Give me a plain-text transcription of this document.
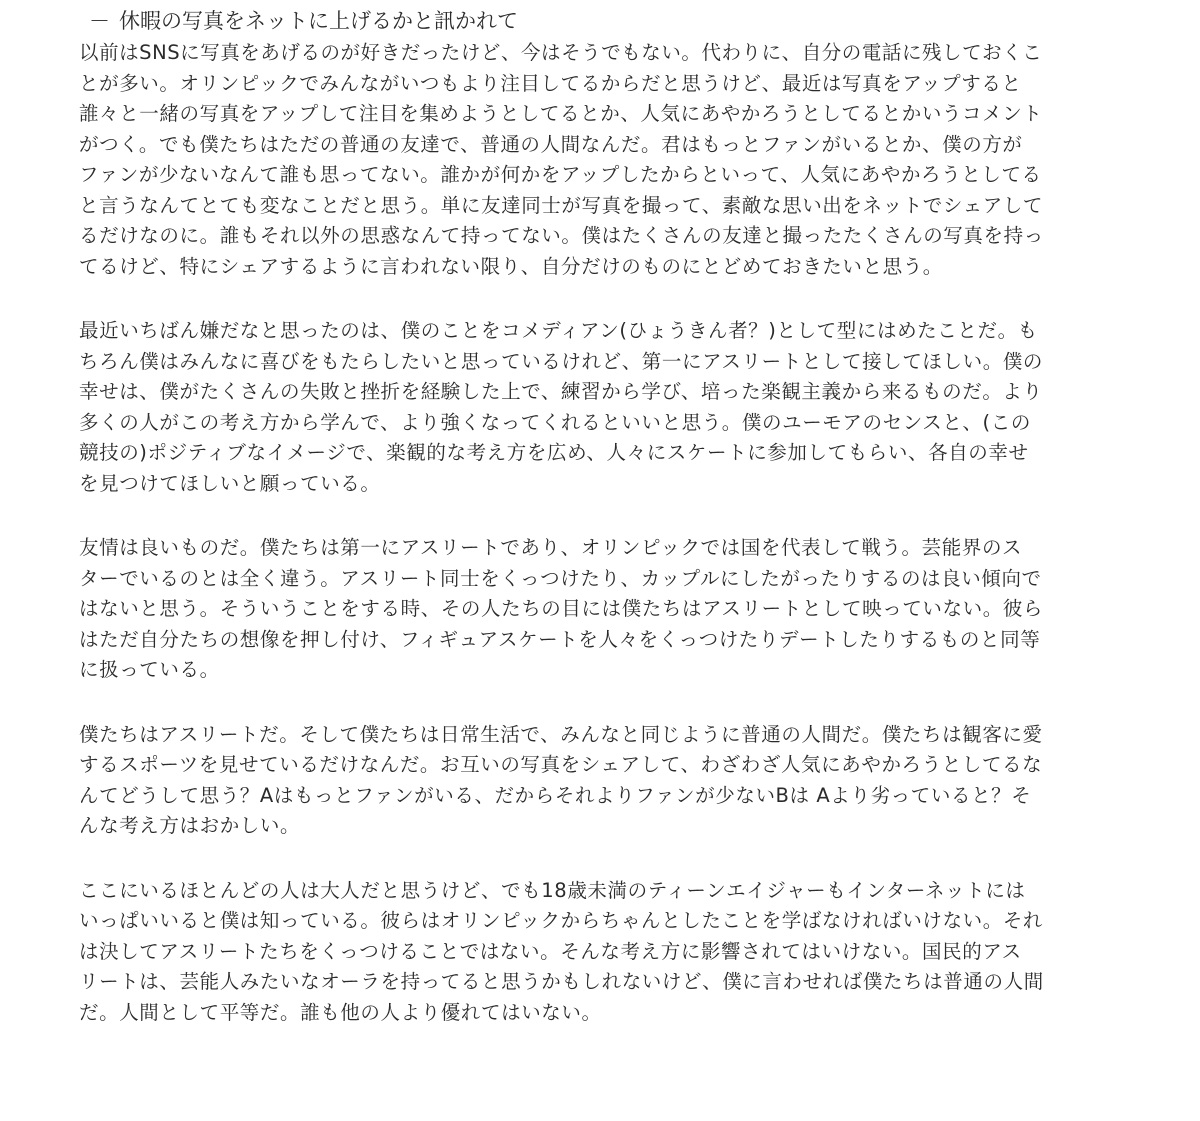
－ 休暇の写真をネットに上げるかと訊かれて
以前はSNSに写真をあげるのが好きだったけど、今はそうでもない。代わりに、自分の電話に残しておくこ
とが多い。オリンピックでみんながいつもより注目してるからだと思うけど、最近は写真をアップすると
誰々と一緒の写真をアップして注目を集めようとしてるとか、人気にあやかろうとしてるとかいうコメント
がつく。でも僕たちはただの普通の友達で、普通の人間なんだ。君はもっとファンがいるとか、僕の方が
ファンが少ないなんて誰も思ってない。誰かが何かをアップしたからといって、人気にあやかろうとしてる
と言うなんてとても変なことだと思う。単に友達同士が写真を撮って、素敵な思い出をネットでシェアして
るだけなのに。誰もそれ以外の思惑なんて持ってない。僕はたくさんの友達と撮ったたくさんの写真を持っ
てるけど、特にシェアするように言われない限り、自分だけのものにとどめておきたいと思う。
最近いちばん嫌だなと思ったのは、僕のことをコメディアン(ひょうきん者？)として型にはめたことだ。も
ちろん僕はみんなに喜びをもたらしたいと思っているけれど、第一にアスリートとして接してほしい。僕の
幸せは、僕がたくさんの失敗と挫折を経験した上で、練習から学び、培った楽観主義から来るものだ。より
多くの人がこの考え方から学んで、より強くなってくれるといいと思う。僕のユーモアのセンスと、(この
競技の)ポジティブなイメージで、楽観的な考え方を広め、人々にスケートに参加してもらい、各自の幸せ
を見つけてほしいと願っている。
友情は良いものだ。僕たちは第一にアスリートであり、オリンピックでは国を代表して戦う。芸能界のス
ターでいるのとは全く違う。アスリート同士をくっつけたり、カップルにしたがったりするのは良い傾向で
はないと思う。そういうことをする時、その人たちの目には僕たちはアスリートとして映っていない。彼ら
はただ自分たちの想像を押し付け、フィギュアスケートを人々をくっつけたりデートしたりするものと同等
に扱っている。
僕たちはアスリートだ。そして僕たちは日常生活で、みんなと同じように普通の人間だ。僕たちは観客に愛
するスポーツを見せているだけなんだ。お互いの写真をシェアして、わざわざ人気にあやかろうとしてるな
んてどうして思う？Aはもっとファンがいる、だからそれよりファンが少ないBは Aより劣っていると？そ
んな考え方はおかしい。
ここにいるほとんどの人は大人だと思うけど、でも18歳未満のティーンエイジャーもインターネットには
いっぱいいると僕は知っている。彼らはオリンピックからちゃんとしたことを学ばなければいけない。それ
は決してアスリートたちをくっつけることではない。そんな考え方に影響されてはいけない。国民的アス
リートは、芸能人みたいなオーラを持ってると思うかもしれないけど、僕に言わせれば僕たちは普通の人間
だ。人間として平等だ。誰も他の人より優れてはいない。
